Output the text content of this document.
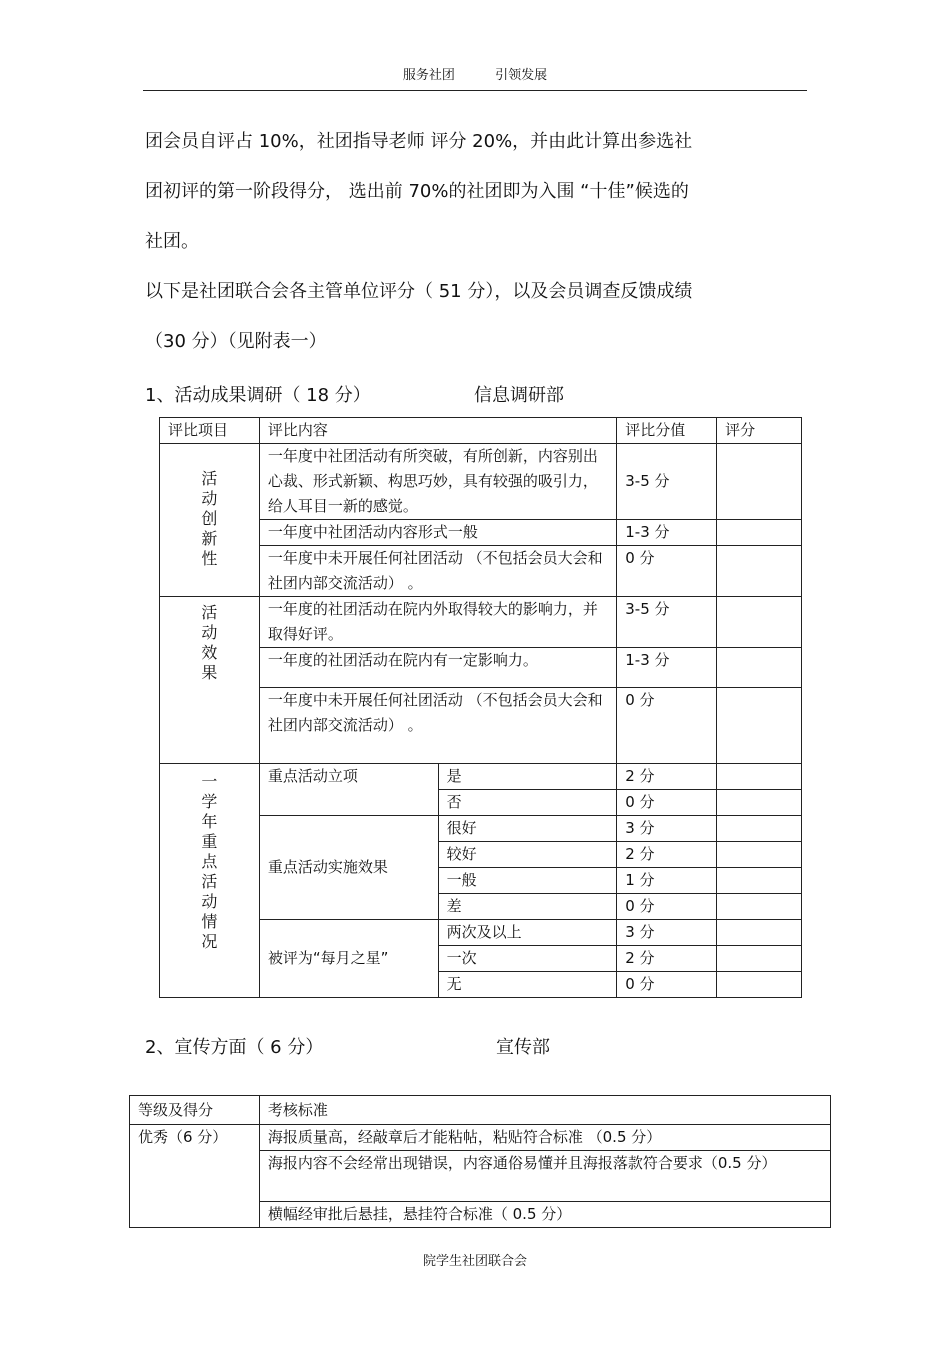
服务社团	引领发展
团会员自评占 10%，社团指导老师 评分 20%，并由此计算出参选社
团初评的第一阶段得分， 选出前 70%的社团即为入围 “十佳”候选的
社团。
以下是社团联合会各主管单位评分（ 51 分），以及会员调查反馈成绩
（30 分）（见附表一）
1、活动成果调研（ 18 分）	信息调研部
评比项目	评比内容		评比分值	评分
活动创新性	一年度中社团活动有所突破，有所创新，内容别出心裁、形式新颖、构思巧妙，具有较强的吸引力，给人耳目一新的感觉。		3-5 分	
	一年度中社团活动内容形式一般		1-3 分	
	一年度中未开展任何社团活动 （不包括会员大会和社团内部交流活动） 。		0 分	
活动效果	一年度的社团活动在院内外取得较大的影响力，并取得好评。		3-5 分	
	一年度的社团活动在院内有一定影响力。		1-3 分	
	一年度中未开展任何社团活动 （不包括会员大会和社团内部交流活动） 。		0 分	
一学年重点活动情况	重点活动立项	是	2 分	
		否	0 分	
	重点活动实施效果	很好	3 分	
		较好	2 分	
		一般	1 分	
		差	0 分	
	被评为“每月之星”	两次及以上	3 分	
		一次	2 分	
		无	0 分	
2、宣传方面（ 6 分）	宣传部
等级及得分	考核标准
优秀（6 分）	海报质量高，经敲章后才能粘帖，粘贴符合标准 （0.5 分）
	海报内容不会经常出现错误，内容通俗易懂并且海报落款符合要求（0.5 分）
	横幅经审批后悬挂，悬挂符合标准（ 0.5 分）
院学生社团联合会
